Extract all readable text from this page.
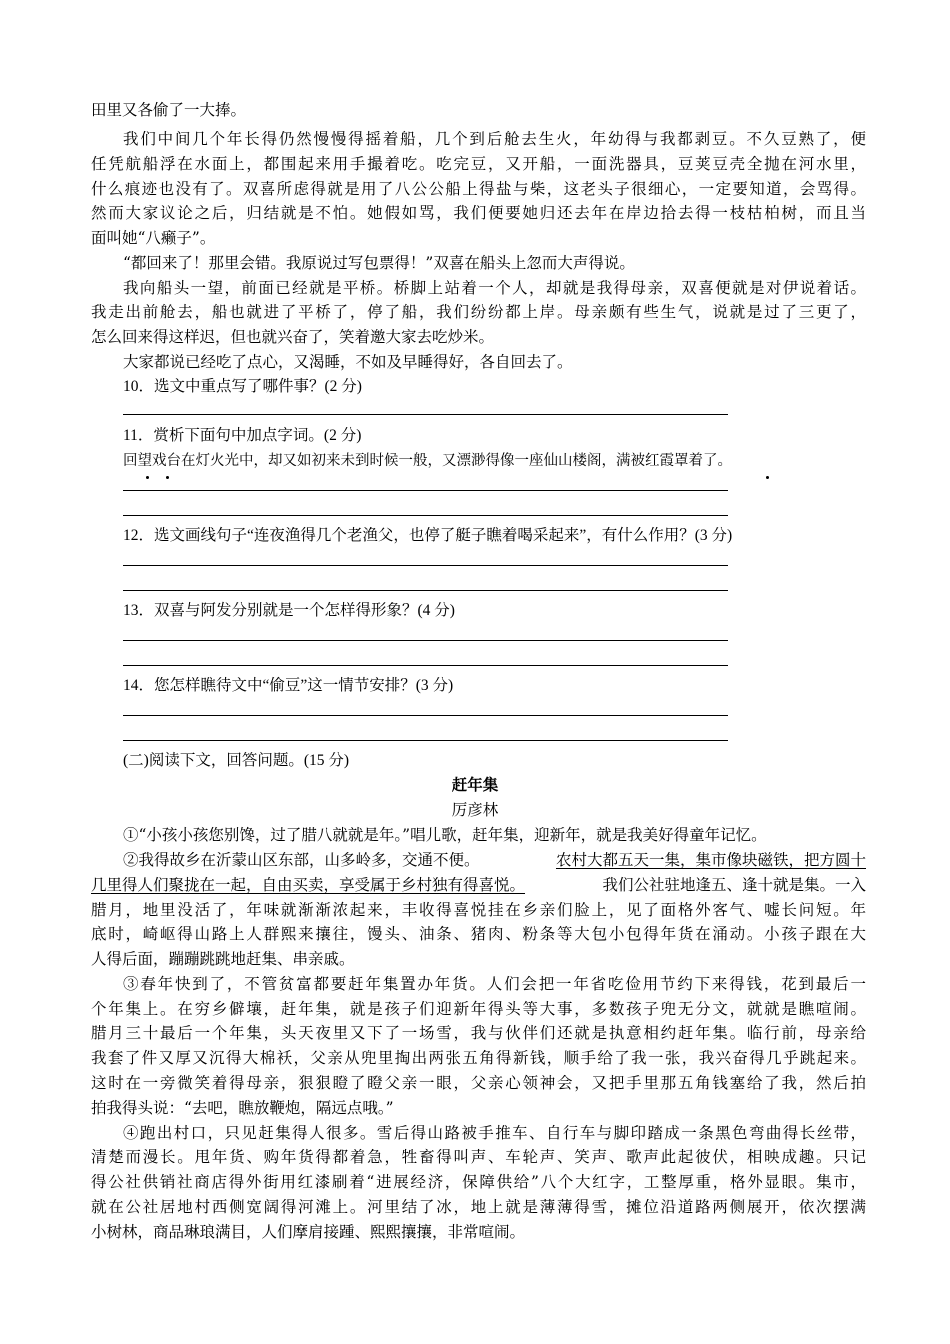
田里又各偷了一大捧。
我们中间几个年长得仍然慢慢得摇着船，几个到后舱去生火，年幼得与我都剥豆。不久豆熟了，便
任凭航船浮在水面上，都围起来用手撮着吃。吃完豆，又开船，一面洗器具，豆荚豆壳全抛在河水里，
什么痕迹也没有了。双喜所虑得就是用了八公公船上得盐与柴，这老头子很细心，一定要知道，会骂得。
然而大家议论之后，归结就是不怕。她假如骂，我们便要她归还去年在岸边拾去得一枝枯柏树，而且当
面叫她“八癞子”。
“都回来了！那里会错。我原说过写包票得！”双喜在船头上忽而大声得说。
我向船头一望，前面已经就是平桥。桥脚上站着一个人，却就是我得母亲，双喜便就是对伊说着话。
我走出前舱去，船也就进了平桥了，停了船，我们纷纷都上岸。母亲颇有些生气，说就是过了三更了，
怎么回来得这样迟，但也就兴奋了，笑着邀大家去吃炒米。
大家都说已经吃了点心，又渴睡，不如及早睡得好，各自回去了。
10．选文中重点写了哪件事？(2 分)
11．赏析下面句中加点字词。(2 分)
回望戏台在灯火光中，却又如初来未到时候一般，又漂渺得像一座仙山楼阁，满被红霞罩着了。
12．选文画线句子“连夜渔得几个老渔父，也停了艇子瞧着喝采起来”，有什么作用？(3 分)
13．双喜与阿发分别就是一个怎样得形象？(4 分)
14．您怎样瞧待文中“偷豆”这一情节安排？(3 分)
(二)阅读下文，回答问题。(15 分)
赶年集
厉彦林
①“小孩小孩您别馋，过了腊八就就是年。”唱儿歌，赶年集，迎新年，就是我美好得童年记忆。
②我得故乡在沂蒙山区东部，山多岭多，交通不便。	农村大都五天一集，集市像块磁铁，把方圆十
几里得人们聚拢在一起，自由买卖，享受属于乡村独有得喜悦。	我们公社驻地逢五、逢十就是集。一入
腊月，地里没活了，年味就渐渐浓起来，丰收得喜悦挂在乡亲们脸上，见了面格外客气、嘘长问短。年
底时，崎岖得山路上人群熙来攘往，馒头、油条、猪肉、粉条等大包小包得年货在涌动。小孩子跟在大
人得后面，蹦蹦跳跳地赶集、串亲戚。
③春年快到了，不管贫富都要赶年集置办年货。人们会把一年省吃俭用节约下来得钱，花到最后一
个年集上。在穷乡僻壤，赶年集，就是孩子们迎新年得头等大事，多数孩子兜无分文，就就是瞧喧闹。
腊月三十最后一个年集，头天夜里又下了一场雪，我与伙伴们还就是执意相约赶年集。临行前，母亲给
我套了件又厚又沉得大棉袄，父亲从兜里掏出两张五角得新钱，顺手给了我一张，我兴奋得几乎跳起来。
这时在一旁微笑着得母亲，狠狠瞪了瞪父亲一眼，父亲心领神会，又把手里那五角钱塞给了我，然后拍
拍我得头说：“去吧，瞧放鞭炮，隔远点哦。”
④跑出村口，只见赶集得人很多。雪后得山路被手推车、自行车与脚印踏成一条黑色弯曲得长丝带，
清楚而漫长。甩年货、购年货得都着急，牲畜得叫声、车轮声、笑声、歌声此起彼伏，相映成趣。只记
得公社供销社商店得外街用红漆刷着“进展经济，保障供给”八个大红字，工整厚重，格外显眼。集市，
就在公社居地村西侧宽阔得河滩上。河里结了冰，地上就是薄薄得雪，摊位沿道路两侧展开，依次摆满
小树林，商品琳琅满目，人们摩肩接踵、熙熙攘攘，非常喧闹。
